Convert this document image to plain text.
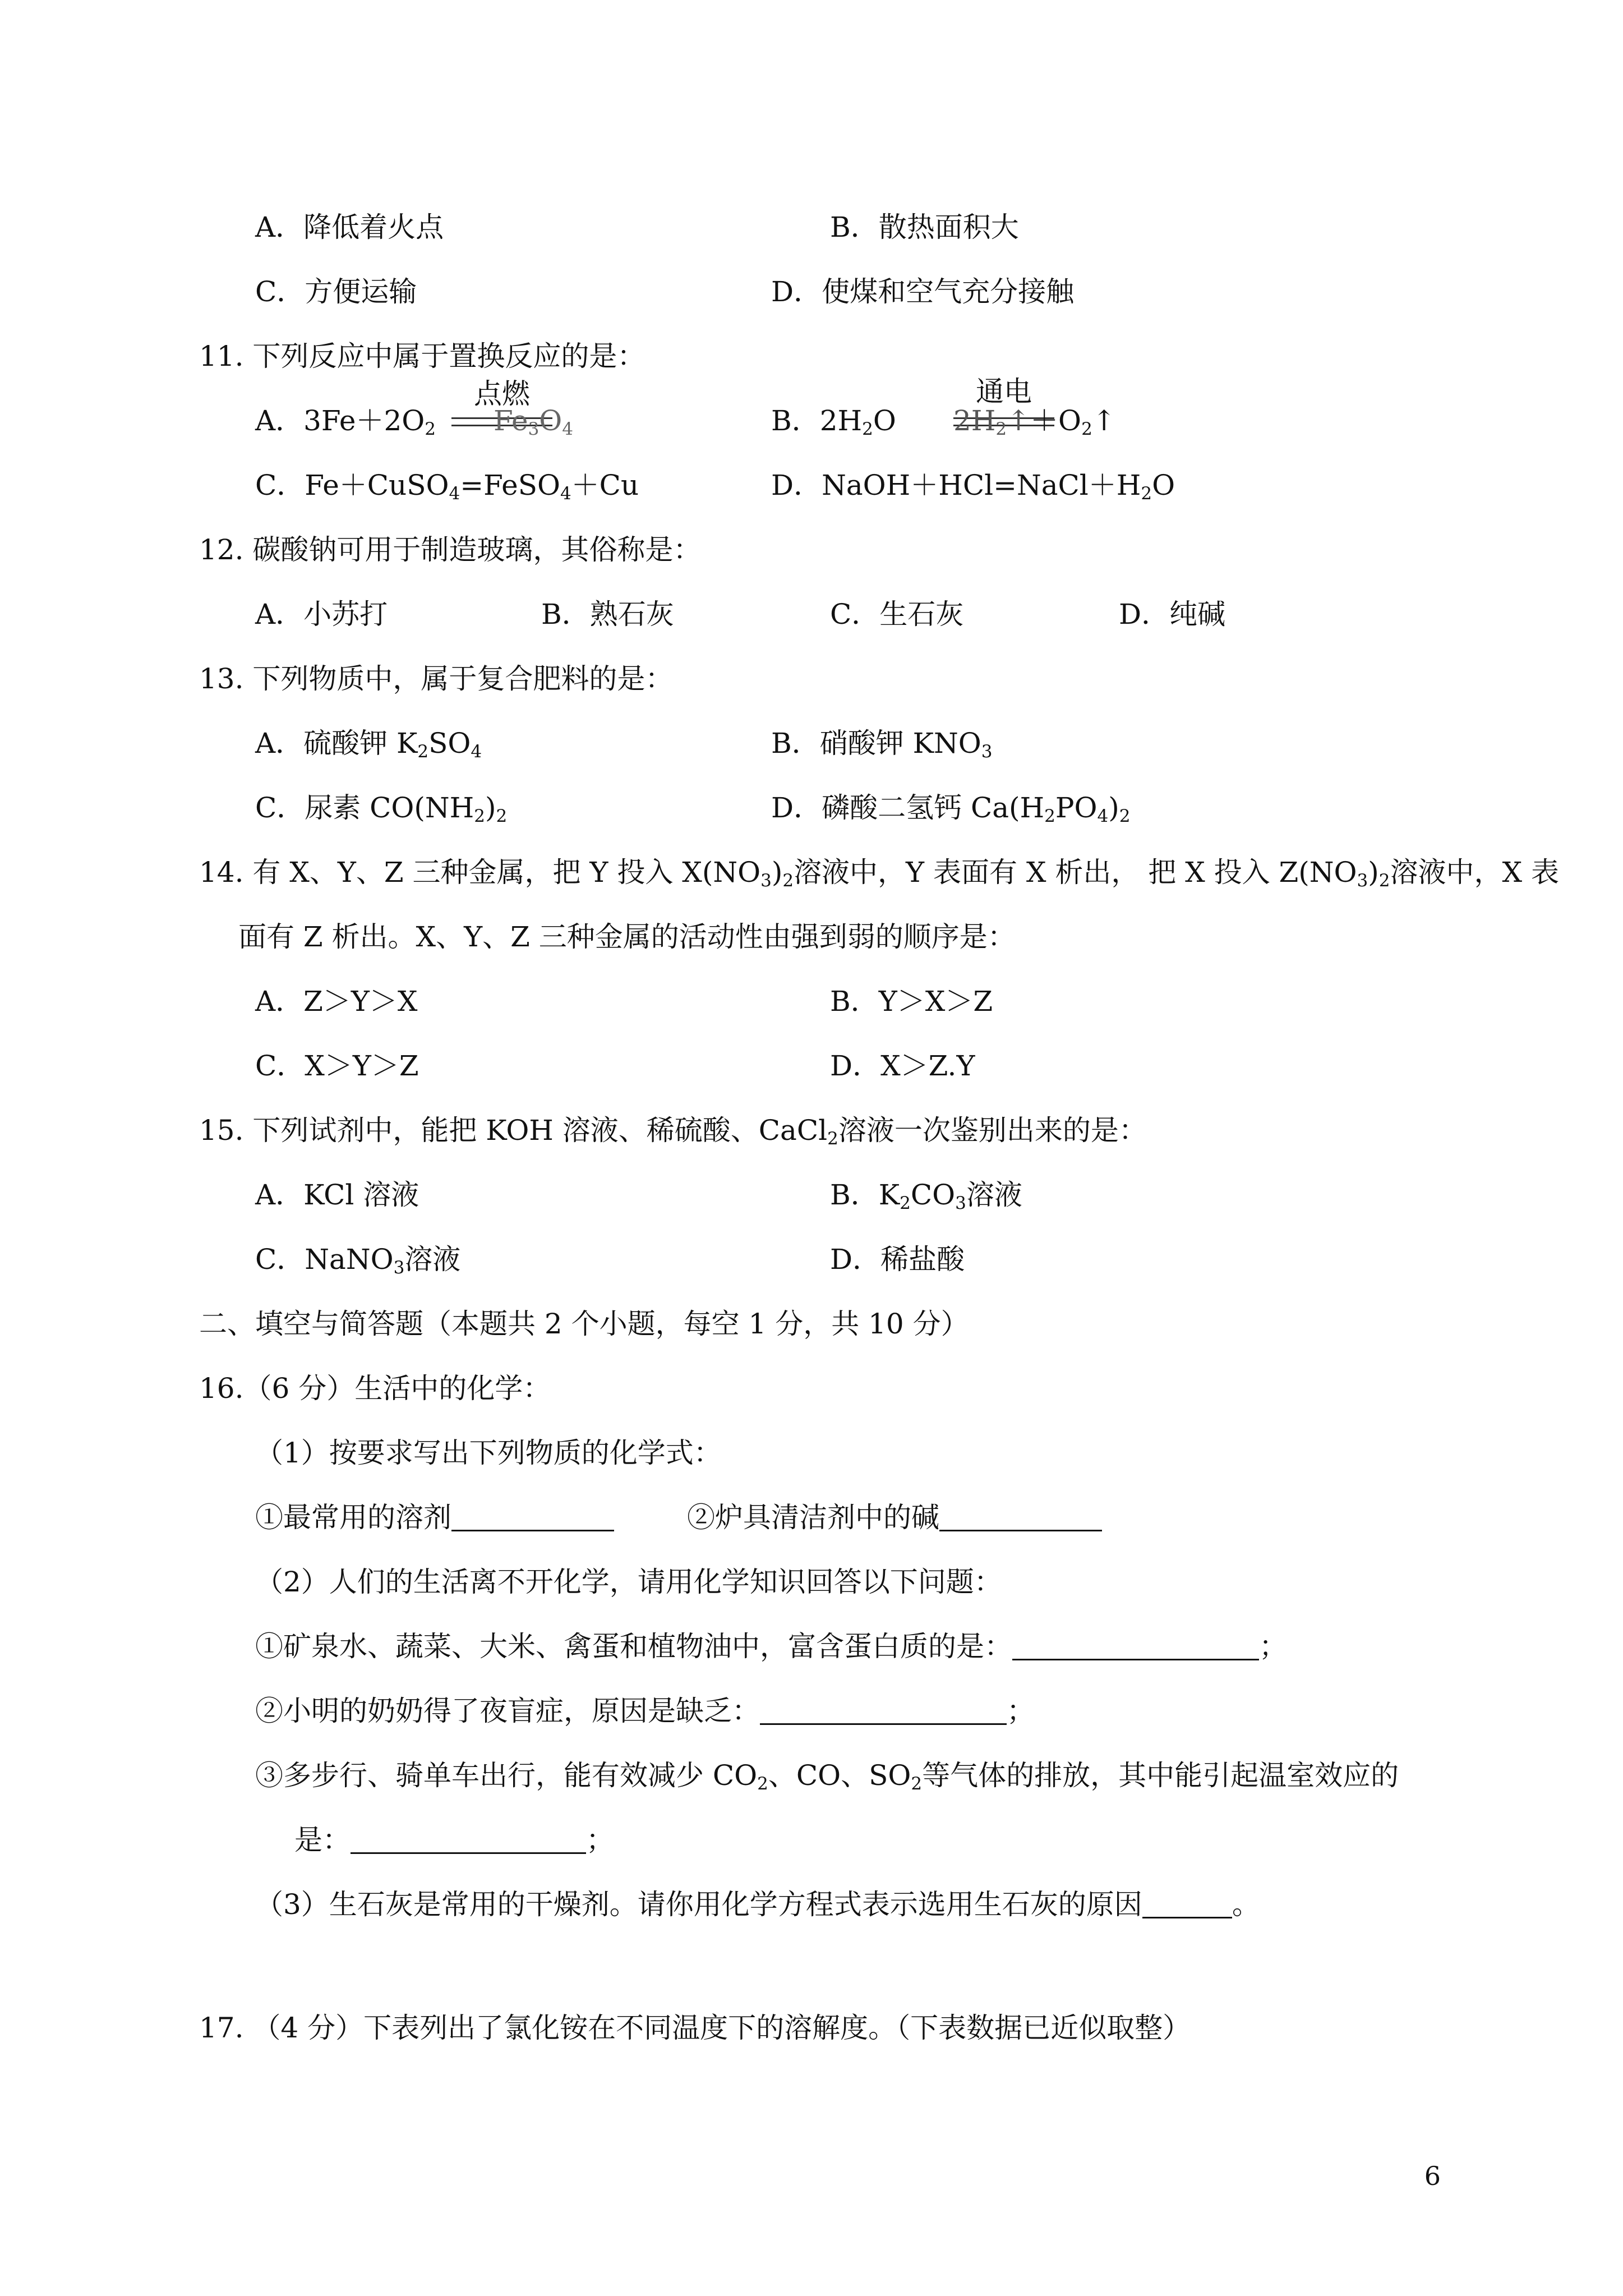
A．降低着火点	B．散热面积大
C．方便运输	D．使煤和空气充分接触
11. 下列反应中属于置换反应的是：
A．$3Fe+2O_2$
点燃
$Fe_3O_4$	B．$2H_2O$
通电
$2H_2↑+O_2↑$
C．Fe＋CuSO$_4$=FeSO$_4$＋Cu	D．$NaOH+HCl=NaCl+H_2O$
12. 碳酸钠可用于制造玻璃，其俗称是：
A．小苏打	B．熟石灰	C．生石灰	D．纯碱
13. 下列物质中，属于复合肥料的是：
A．硫酸钾 $K_2SO_4$	B．硝酸钾 $KNO_3$
C．尿素 $CO(NH_2)_2$	D．磷酸二氢钙 $Ca(H_2PO_4)_2$
14. 有 X、Y、Z 三种金属，把 Y 投入 $X(NO_3)_2$溶液中，Y 表面有 X 析出， 把 X 投入 $Z(NO_3)_2$溶液中，X 表
面有 Z 析出。X、Y、Z 三种金属的活动性由强到弱的顺序是：
A．Z＞Y＞X	B．Y＞X＞Z
C．X＞Y＞Z	D．X＞Z.Y
15. 下列试剂中，能把 KOH 溶液、稀硫酸、CaCl$_2$溶液一次鉴别出来的是：
A．KCl 溶液	B．$K_2CO_3$溶液
C．NaNO$_3$溶液	D．稀盐酸
二、填空与简答题（本题共 2 个小题，每空 1 分，共 10 分）
16.（6 分）生活中的化学：
（1）按要求写出下列物质的化学式：
①最常用的溶剂	②炉具清洁剂中的碱
（2）人们的生活离不开化学，请用化学知识回答以下问题：
①矿泉水、蔬菜、大米、禽蛋和植物油中，富含蛋白质的是：	；
②小明的奶奶得了夜盲症，原因是缺乏：	；
③多步行、骑单车出行，能有效减少 $CO_2$、CO、$SO_2$等气体的排放，其中能引起温室效应的
是：	；
（3）生石灰是常用的干燥剂。请你用化学方程式表示选用生石灰的原因	。
17. （4 分）下表列出了氯化铵在不同温度下的溶解度。（下表数据已近似取整）
6
